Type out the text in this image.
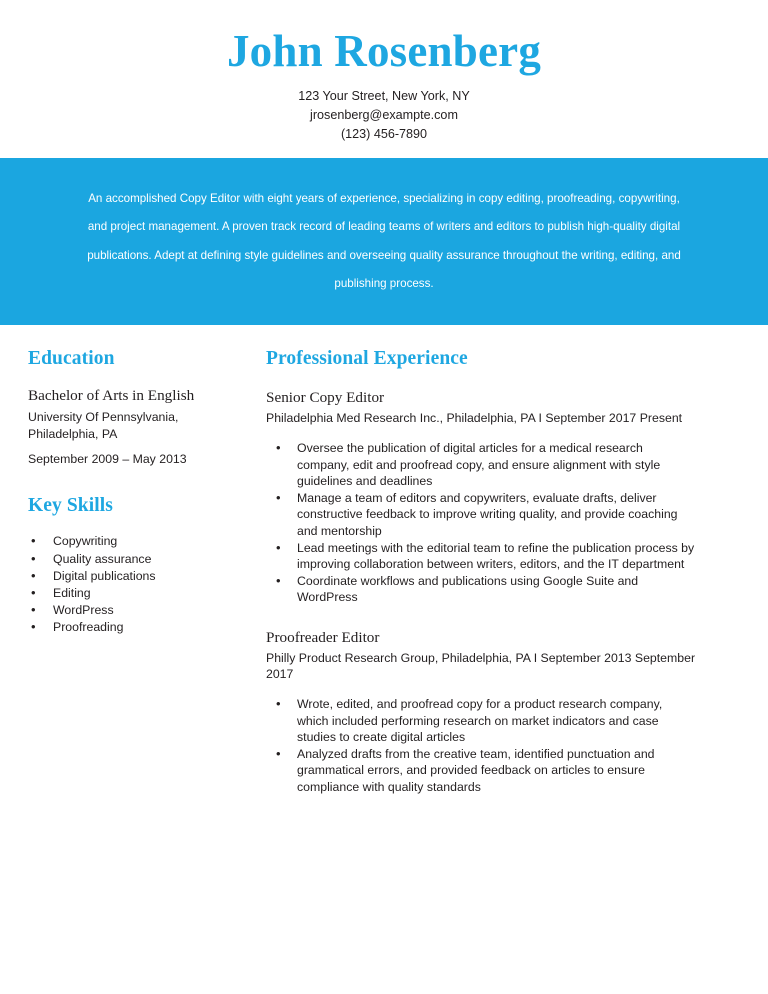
John Rosenberg
123 Your Street, New York, NY
jrosenberg@exampte.com
(123) 456-7890

An accomplished Copy Editor with eight years of experience, specializing in copy editing, proofreading, copywriting, and project management. A proven track record of leading teams of writers and editors to publish high-quality digital publications. Adept at defining style guidelines and overseeing quality assurance throughout the writing, editing, and publishing process.

Education

Bachelor of Arts in English

University Of Pennsylvania,

Philadelphia, PA

September 2009 – May 2013

Key Skills
• Copywriting
• Quality assurance
• Digital publications
• Editing
• WordPress
• Proofreading
Professional Experience

Senior Copy Editor

Philadelphia Med Research Inc., Philadelphia, PA I September 2017 Present

• Oversee the publication of digital articles for a medical research company, edit and proofread copy, and ensure alignment with style guidelines and deadlines
• Manage a team of editors and copywriters, evaluate drafts, deliver constructive feedback to improve writing quality, and provide coaching and mentorship
• Lead meetings with the editorial team to refine the publication process by improving collaboration between writers, editors, and the IT department
• Coordinate workflows and publications using Google Suite and WordPress

Proofreader Editor

Philly Product Research Group, Philadelphia, PA I September 2013 September 2017

• Wrote, edited, and proofread copy for a product research company, which included performing research on market indicators and case studies to create digital articles
• Analyzed drafts from the creative team, identified punctuation and grammatical errors, and provided feedback on articles to ensure compliance with quality standards
